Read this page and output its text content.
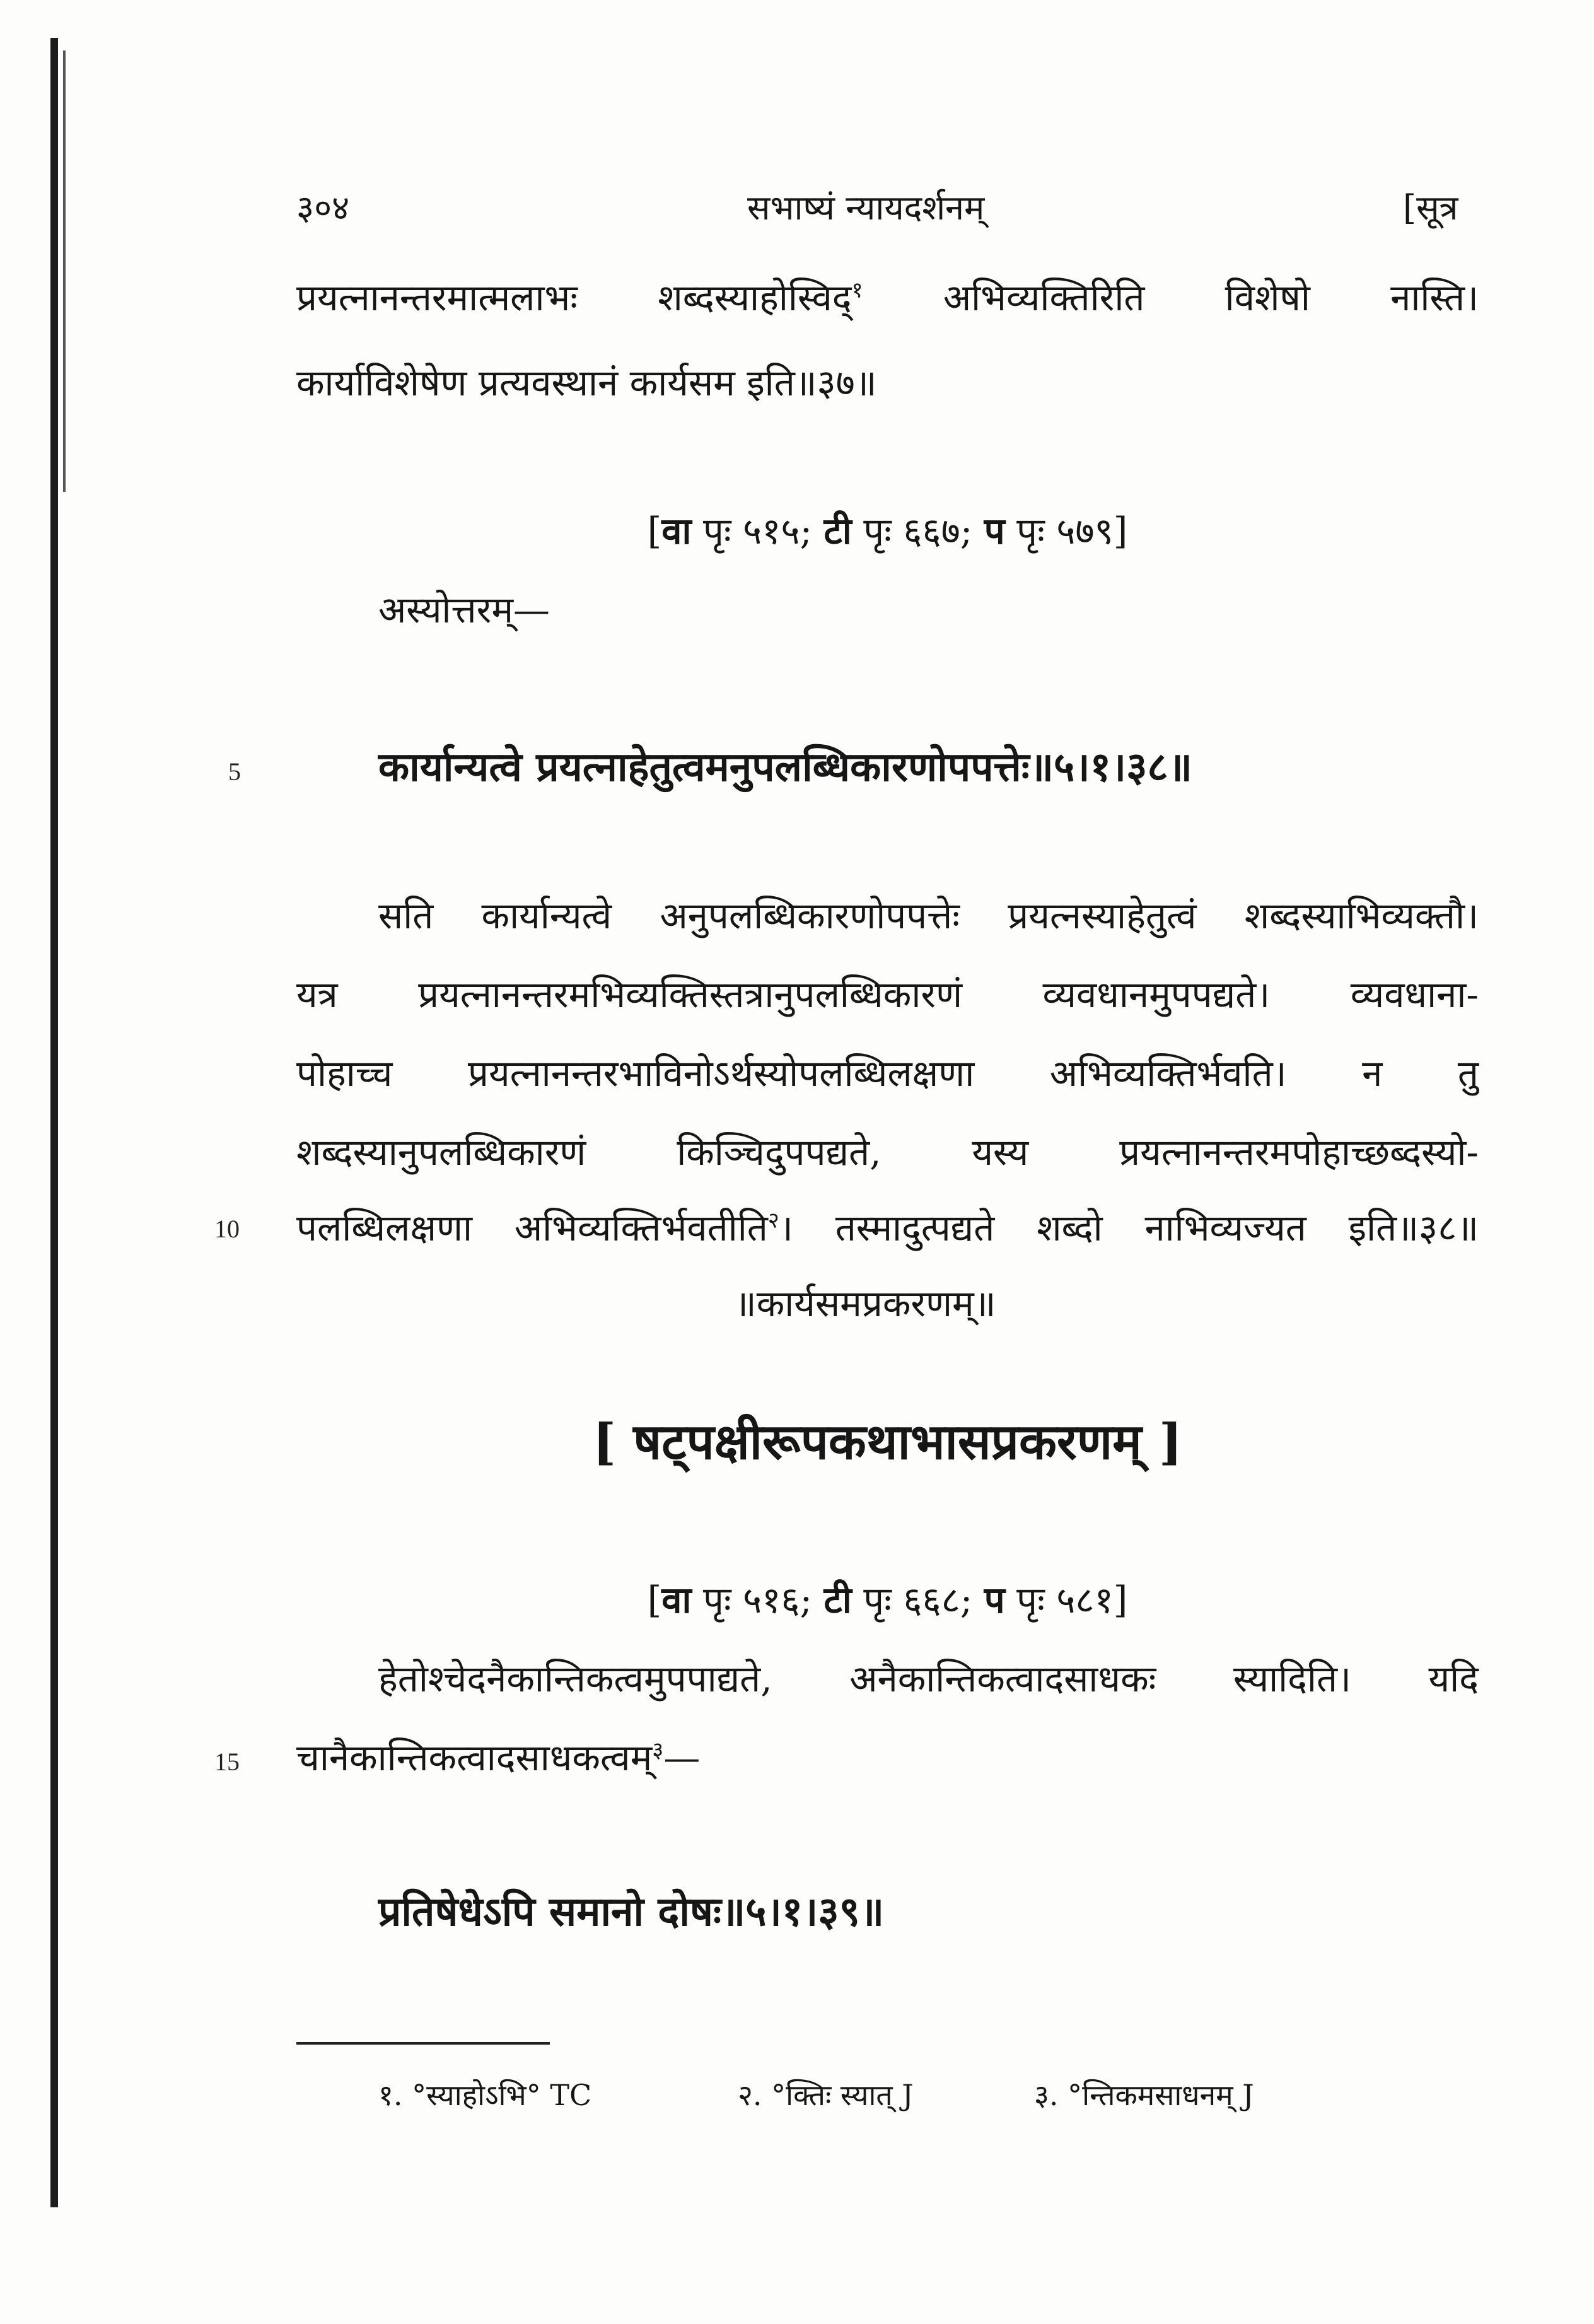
३०४	सभाष्यं न्यायदर्शनम्	[सूत्र
प्रयत्नानन्तरमात्मलाभः शब्दस्याहोस्विद्$^१$ अभिव्यक्तिरिति विशेषो नास्ति।
कार्याविशेषेण प्रत्यवस्थानं कार्यसम इति॥३७॥
[वा पृः ५१५; टी पृः ६६७; प पृः ५७९]
अस्योत्तरम्—
5	कार्यान्यत्वे प्रयत्नाहेतुत्वमनुपलब्धिकारणोपपत्तेः॥५।१।३८॥
सति कार्यान्यत्वे अनुपलब्धिकारणोपपत्तेः प्रयत्नस्याहेतुत्वं शब्दस्याभिव्यक्तौ।
यत्र प्रयत्नानन्तरमभिव्यक्तिस्तत्रानुपलब्धिकारणं व्यवधानमुपपद्यते। व्यवधाना-
पोहाच्च प्रयत्नानन्तरभाविनोऽर्थस्योपलब्धिलक्षणा अभिव्यक्तिर्भवति। न तु
शब्दस्यानुपलब्धिकारणं किञ्चिदुपपद्यते, यस्य प्रयत्नानन्तरमपोहाच्छब्दस्यो-
10 पलब्धिलक्षणा अभिव्यक्तिर्भवतीति$^२$। तस्मादुत्पद्यते शब्दो नाभिव्यज्यत इति॥३८॥
॥कार्यसमप्रकरणम्॥
[ षट्पक्षीरूपकथाभासप्रकरणम् ]
[वा पृः ५१६; टी पृः ६६८; प पृः ५८१]
हेतोश्चेदनैकान्तिकत्वमुपपाद्यते, अनैकान्तिकत्वादसाधकः स्यादिति। यदि
15 चानैकान्तिकत्वादसाधकत्वम्$^३$—
प्रतिषेधेऽपि समानो दोषः॥५।१।३९॥
१. °स्याहोऽभि° TC	२. °क्तिः स्यात् J	३. °न्तिकमसाधनम् J
